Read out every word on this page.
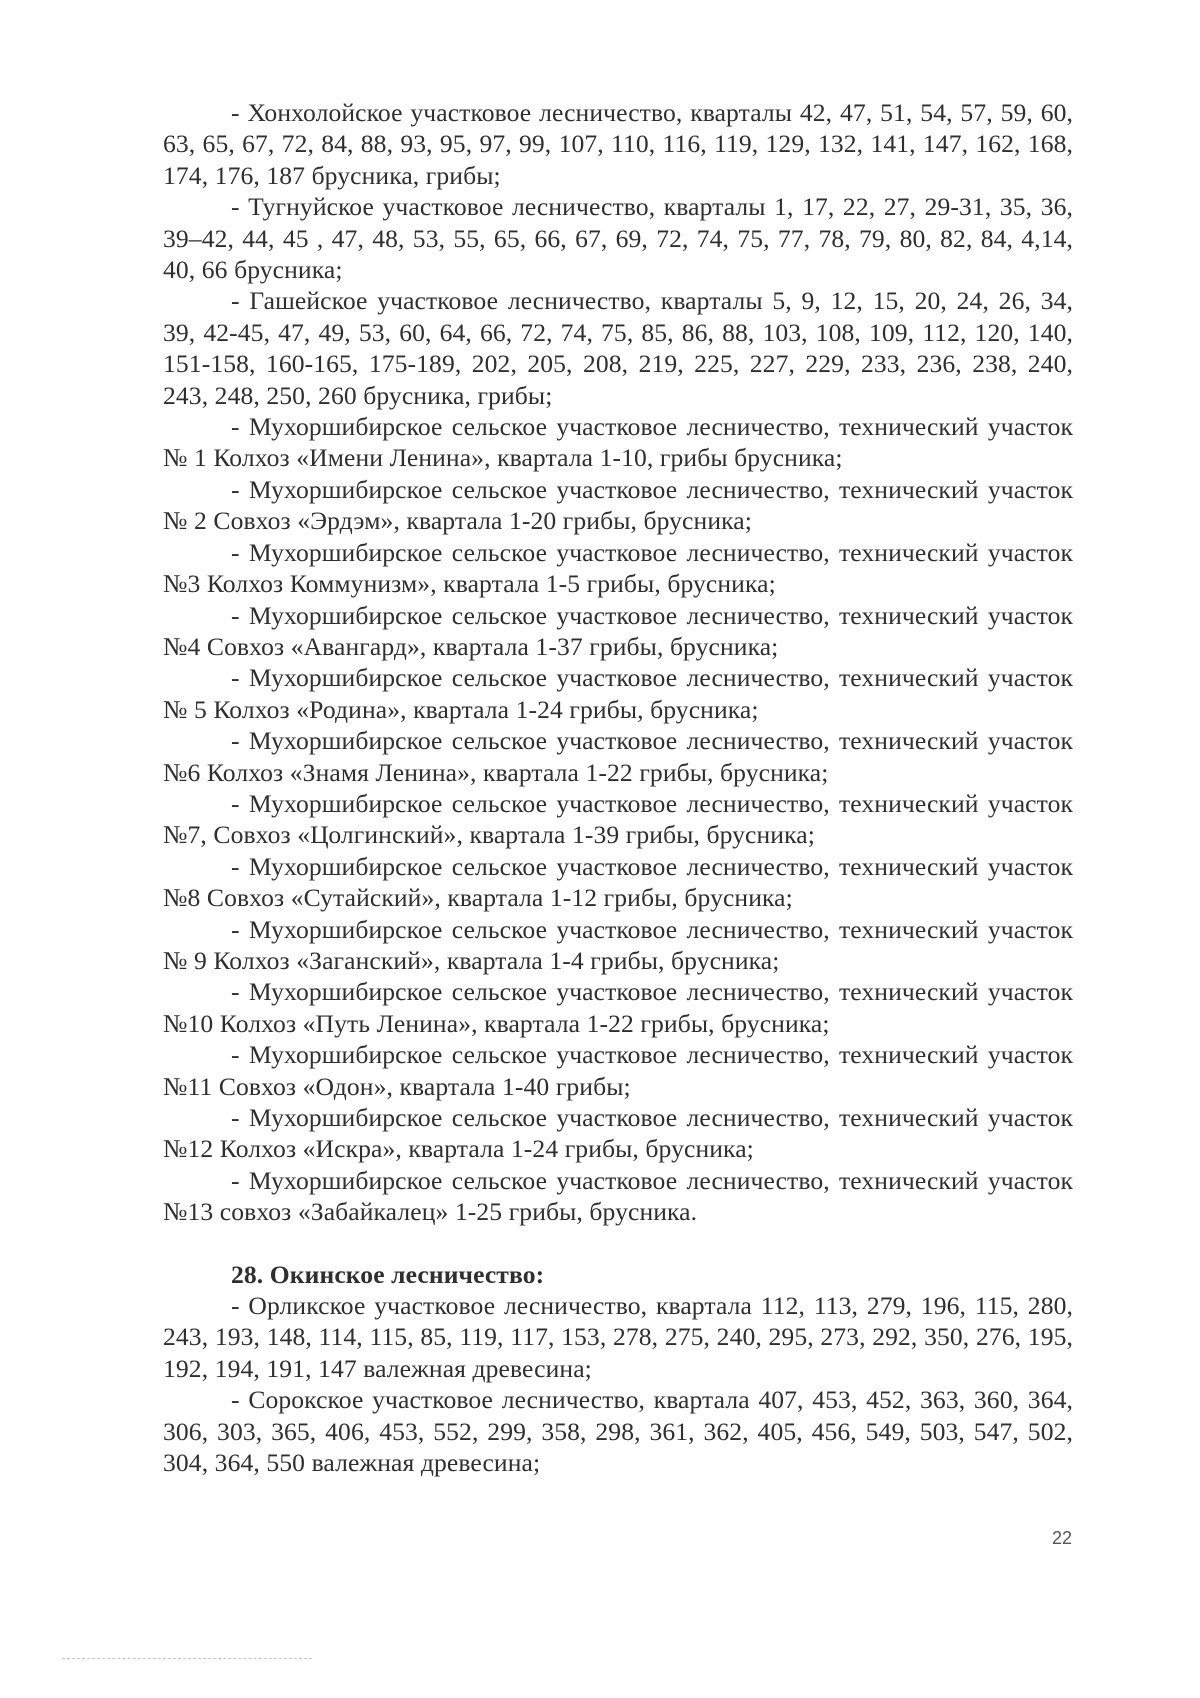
- Хонхолойское участковое лесничество, кварталы 42, 47, 51, 54, 57, 59, 60, 63, 65, 67, 72, 84, 88, 93, 95, 97, 99, 107, 110, 116, 119, 129, 132, 141, 147, 162, 168, 174, 176, 187 брусника, грибы;

- Тугнуйское участковое лесничество, кварталы 1, 17, 22, 27, 29-31, 35, 36, 39–42, 44, 45 , 47, 48, 53, 55, 65, 66, 67, 69, 72, 74, 75, 77, 78, 79, 80, 82, 84, 4,14, 40, 66 брусника;

- Гашейское участковое лесничество, кварталы 5, 9, 12, 15, 20, 24, 26, 34, 39, 42-45, 47, 49, 53, 60, 64, 66, 72, 74, 75, 85, 86, 88, 103, 108, 109, 112, 120, 140, 151-158, 160-165, 175-189, 202, 205, 208, 219, 225, 227, 229, 233, 236, 238, 240, 243, 248, 250, 260 брусника, грибы;

- Мухоршибирское сельское участковое лесничество, технический участок № 1 Колхоз «Имени Ленина», квартала 1-10, грибы брусника;

- Мухоршибирское сельское участковое лесничество, технический участок № 2 Совхоз «Эрдэм», квартала 1-20 грибы, брусника;

- Мухоршибирское сельское участковое лесничество, технический участок №3 Колхоз Коммунизм», квартала 1-5 грибы, брусника;

- Мухоршибирское сельское участковое лесничество, технический участок №4 Совхоз «Авангард», квартала 1-37 грибы, брусника;

- Мухоршибирское сельское участковое лесничество, технический участок № 5 Колхоз «Родина», квартала 1-24 грибы, брусника;

- Мухоршибирское сельское участковое лесничество, технический участок №6 Колхоз «Знамя Ленина», квартала 1-22 грибы, брусника;

- Мухоршибирское сельское участковое лесничество, технический участок №7, Совхоз «Цолгинский», квартала 1-39 грибы, брусника;

- Мухоршибирское сельское участковое лесничество, технический участок №8 Совхоз «Сутайский», квартала 1-12 грибы, брусника;

- Мухоршибирское сельское участковое лесничество, технический участок № 9 Колхоз «Заганский», квартала 1-4 грибы, брусника;

- Мухоршибирское сельское участковое лесничество, технический участок №10 Колхоз «Путь Ленина», квартала 1-22 грибы, брусника;

- Мухоршибирское сельское участковое лесничество, технический участок №11 Совхоз «Одон», квартала 1-40 грибы;

- Мухоршибирское сельское участковое лесничество, технический участок №12 Колхоз «Искра», квартала 1-24 грибы, брусника;

- Мухоршибирское сельское участковое лесничество, технический участок №13 совхоз «Забайкалец» 1-25 грибы, брусника.

28. Окинское лесничество:

- Орликское участковое лесничество, квартала 112, 113, 279, 196, 115, 280, 243, 193, 148, 114, 115, 85, 119, 117, 153, 278, 275, 240, 295, 273, 292, 350, 276, 195, 192, 194, 191, 147 валежная древесина;

- Сорокское участковое лесничество, квартала 407, 453, 452, 363, 360, 364, 306, 303, 365, 406, 453, 552, 299, 358, 298, 361, 362, 405, 456, 549, 503, 547, 502, 304, 364, 550 валежная древесина;

22
